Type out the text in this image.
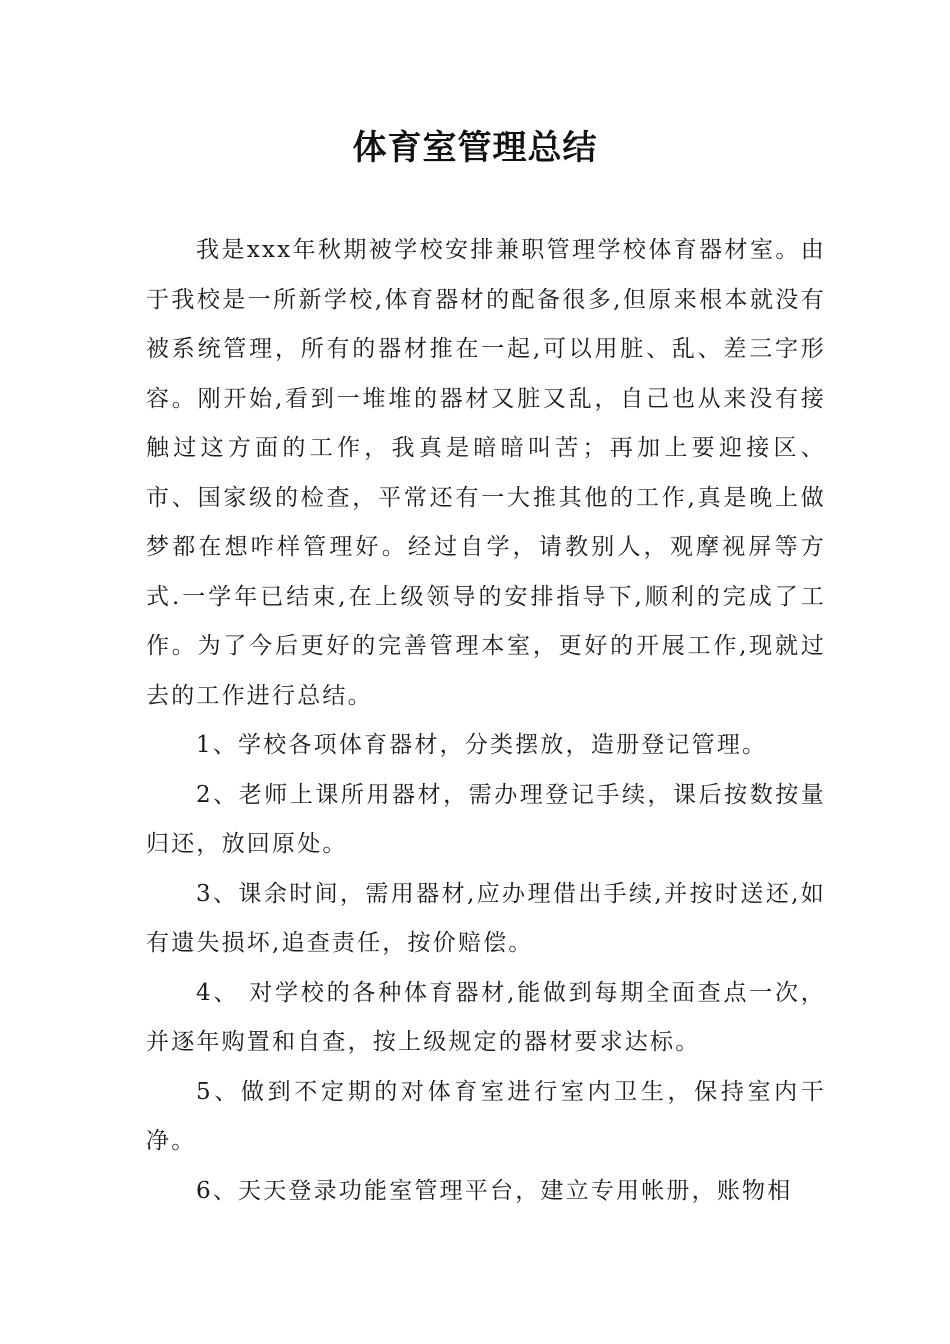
体育室管理总结

我是xxx年秋期被学校安排兼职管理学校体育器材室。由于我校是一所新学校,体育器材的配备很多,但原来根本就没有被系统管理，所有的器材推在一起,可以用脏、乱、差三字形容。刚开始,看到一堆堆的器材又脏又乱，自己也从来没有接触过这方面的工作，我真是暗暗叫苦；再加上要迎接区、市、国家级的检查，平常还有一大推其他的工作,真是晚上做梦都在想咋样管理好。经过自学，请教别人，观摩视屏等方式.一学年已结束,在上级领导的安排指导下,顺利的完成了工作。为了今后更好的完善管理本室，更好的开展工作,现就过去的工作进行总结。

1、学校各项体育器材，分类摆放，造册登记管理。

2、老师上课所用器材，需办理登记手续，课后按数按量归还，放回原处。

3、课余时间，需用器材,应办理借出手续,并按时送还,如有遗失损坏,追查责任，按价赔偿。

4、 对学校的各种体育器材,能做到每期全面查点一次，并逐年购置和自查，按上级规定的器材要求达标。

5、做到不定期的对体育室进行室内卫生，保持室内干净。

6、天天登录功能室管理平台，建立专用帐册，账物相
